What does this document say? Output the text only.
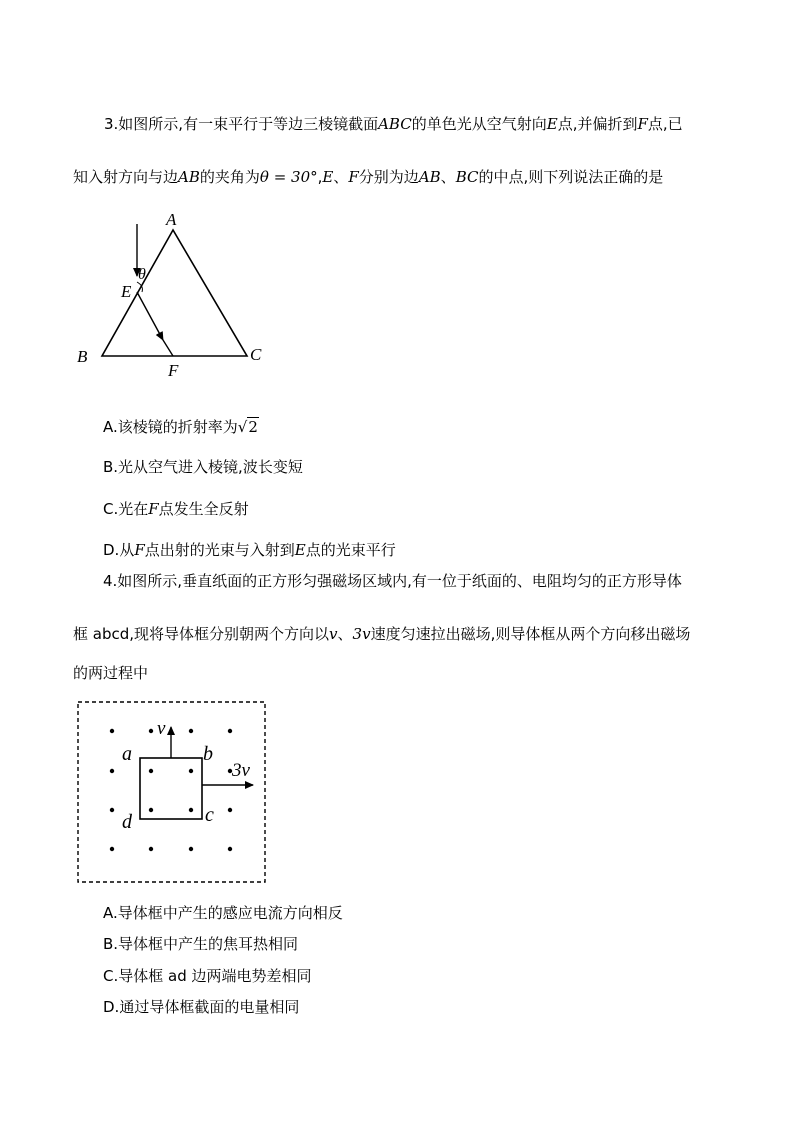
3.如图所示,有一束平行于等边三棱镜截面ABC的单色光从空气射向E点,并偏折到F点,已
知入射方向与边AB的夹角为θ = 30°,E、F分别为边AB、BC的中点,则下列说法正确的是
A
θ
E
B	C
F
A.该棱镜的折射率为√2
B.光从空气进入棱镜,波长变短
C.光在F点发生全反射
D.从F点出射的光束与入射到E点的光束平行
4.如图所示,垂直纸面的正方形匀强磁场区域内,有一位于纸面的、电阻均匀的正方形导体
框 abcd,现将导体框分别朝两个方向以v、3v速度匀速拉出磁场,则导体框从两个方向移出磁场
的两过程中
v
3v
a	b
c
d
A.导体框中产生的感应电流方向相反
B.导体框中产生的焦耳热相同
C.导体框 ad 边两端电势差相同
D.通过导体框截面的电量相同
